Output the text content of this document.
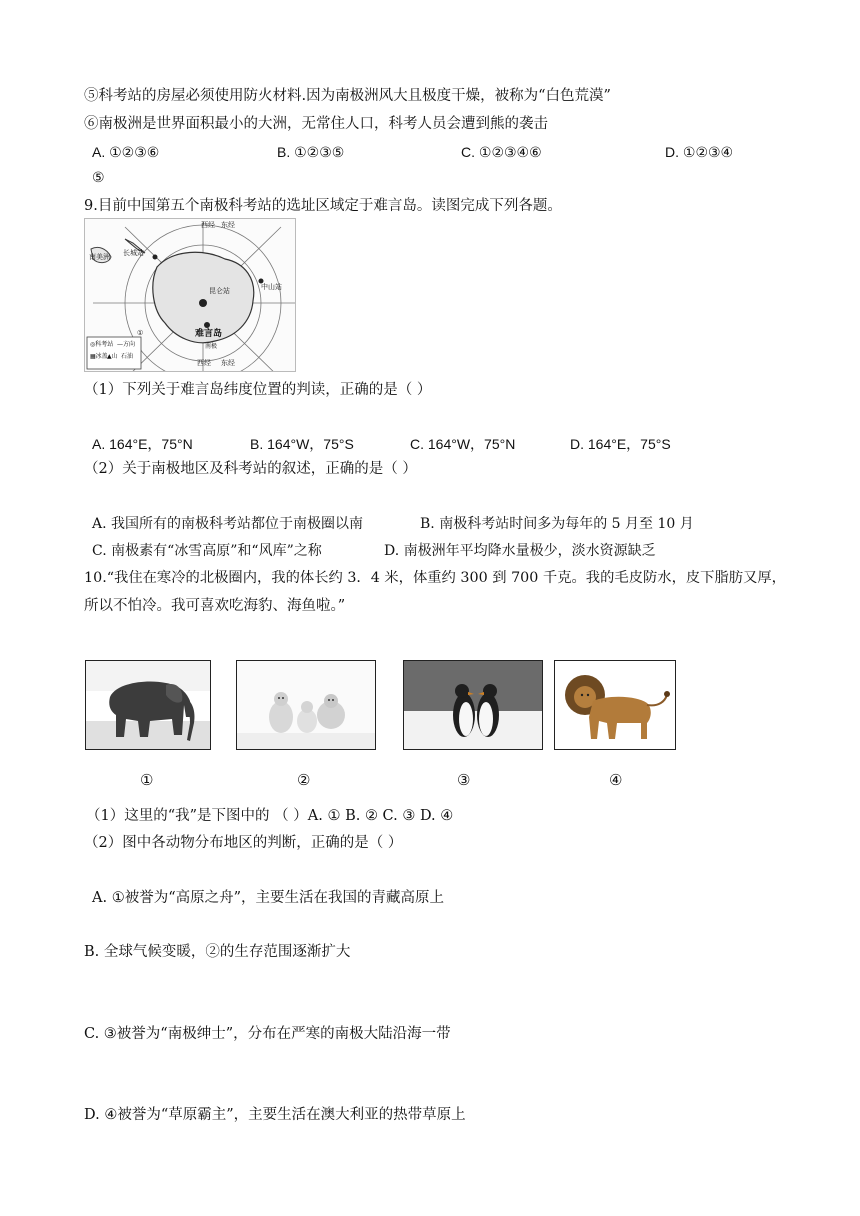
⑤科考站的房屋必须使用防火材料.因为南极洲风大且极度干燥，被称为“白色荒漠”
⑥南极洲是世界面积最小的大洲，无常住人口，科考人员会遭到熊的袭击
A. ①②③⑥	B. ①②③⑤	C. ①②③④⑥	D. ①②③④
⑤
9.目前中国第五个南极科考站的选址区域定于难言岛。读图完成下列各题。
西经 东经
长城站
南美洲
昆仑站	中山站
难言岛
南极
①
◎科考站 —方向
▦冰盖 ▲山 石油
西经 东经
（1）下列关于难言岛纬度位置的判读，正确的是（ ）
A. 164°E，75°N	B. 164°W，75°S	C. 164°W，75°N	D. 164°E，75°S
（2）关于南极地区及科考站的叙述，正确的是（ ）
A. 我国所有的南极科考站都位于南极圈以南	B. 南极科考站时间多为每年的 5 月至 10 月
C. 南极素有“冰雪高原”和“风库”之称	D. 南极洲年平均降水量极少，淡水资源缺乏
10.“我住在寒冷的北极圈内，我的体长约 3．4 米，体重约 300 到 700 千克。我的毛皮防水，皮下脂肪又厚，
所以不怕冷。我可喜欢吃海豹、海鱼啦。”
①	②	③	④
（1）这里的“我”是下图中的 （ ）A. ① B. ② C. ③ D. ④
（2）图中各动物分布地区的判断，正确的是（ ）
A. ①被誉为“高原之舟”，主要生活在我国的青藏高原上
B. 全球气候变暖，②的生存范围逐渐扩大
C. ③被誉为“南极绅士”，分布在严寒的南极大陆沿海一带
D. ④被誉为“草原霸主”，主要生活在澳大利亚的热带草原上
